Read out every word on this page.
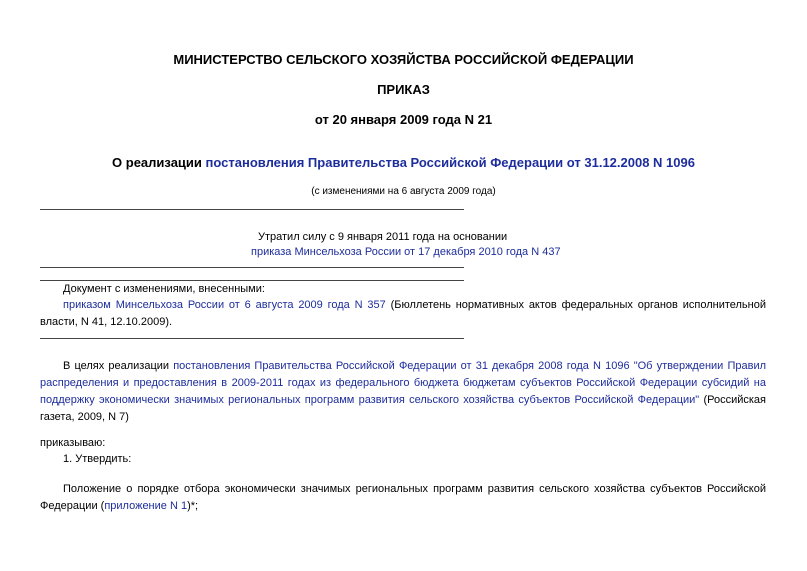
МИНИСТЕРСТВО СЕЛЬСКОГО ХОЗЯЙСТВА РОССИЙСКОЙ ФЕДЕРАЦИИ
ПРИКАЗ
от 20 января 2009 года N 21
О реализации постановления Правительства Российской Федерации от 31.12.2008 N 1096
(с изменениями на 6 августа 2009 года)
Утратил силу с 9 января 2011 года на основании
приказа Минсельхоза России от 17 декабря 2010 года N 437
Документ с изменениями, внесенными:
приказом Минсельхоза России от 6 августа 2009 года N 357 (Бюллетень нормативных актов федеральных органов исполнительной власти, N 41, 12.10.2009).
В целях реализации постановления Правительства Российской Федерации от 31 декабря 2008 года N 1096 "Об утверждении Правил распределения и предоставления в 2009-2011 годах из федерального бюджета бюджетам субъектов Российской Федерации субсидий на поддержку экономически значимых региональных программ развития сельского хозяйства субъектов Российской Федерации" (Российская газета, 2009, N 7)
приказываю:
1. Утвердить:
Положение о порядке отбора экономически значимых региональных программ развития сельского хозяйства субъектов Российской Федерации (приложение N 1)*;
